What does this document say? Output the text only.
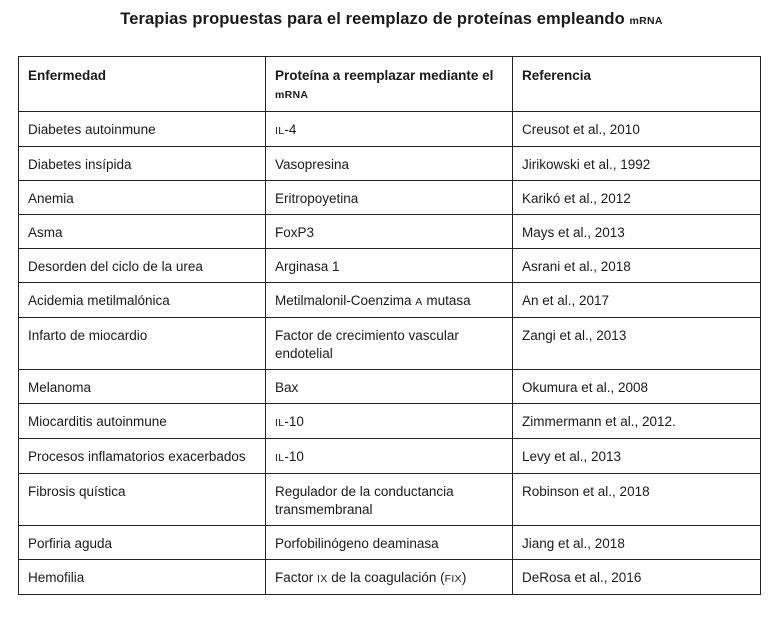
Terapias propuestas para el reemplazo de proteínas empleando mRNA
Enfermedad	Proteína a reemplazar mediante el mRNA	Referencia
Diabetes autoinmune	IL-4	Creusot et al., 2010
Diabetes insípida	Vasopresina	Jirikowski et al., 1992
Anemia	Eritropoyetina	Karikó et al., 2012
Asma	FoxP3	Mays et al., 2013
Desorden del ciclo de la urea	Arginasa 1	Asrani et al., 2018
Acidemia metilmalónica	Metilmalonil-Coenzima A mutasa	An et al., 2017
Infarto de miocardio	Factor de crecimiento vascular endotelial	Zangi et al., 2013
Melanoma	Bax	Okumura et al., 2008
Miocarditis autoinmune	IL-10	Zimmermann et al., 2012.
Procesos inflamatorios exacerbados	IL-10	Levy et al., 2013
Fibrosis quística	Regulador de la conductancia transmembranal	Robinson et al., 2018
Porfiria aguda	Porfobilinógeno deaminasa	Jiang et al., 2018
Hemofilia	Factor IX de la coagulación (FIX)	DeRosa et al., 2016
